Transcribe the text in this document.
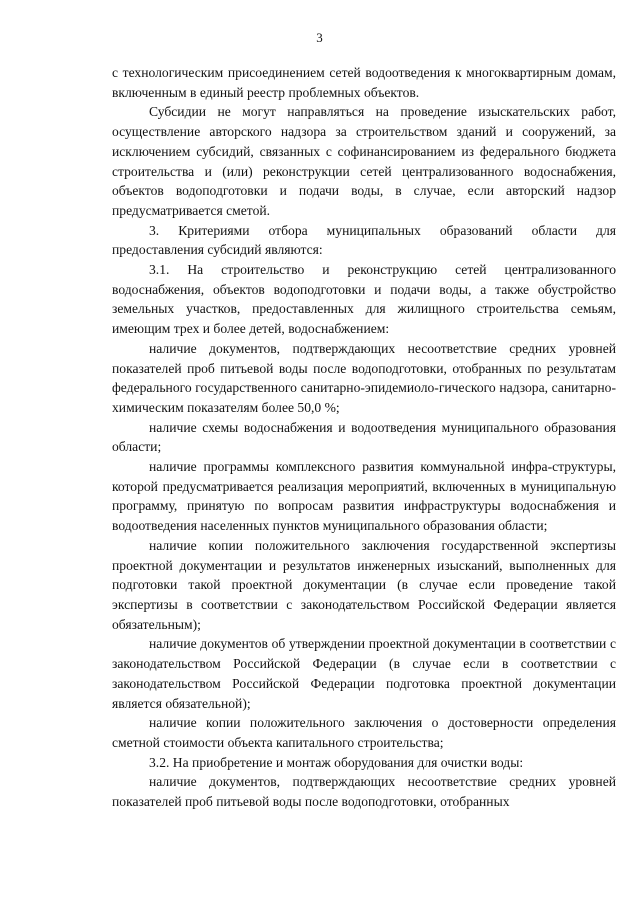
3

с технологическим присоединением сетей водоотведения к многоквартирным домам, включенным в единый реестр проблемных объектов.

Субсидии не могут направляться на проведение изыскательских работ, осуществление авторского надзора за строительством зданий и сооружений, за исключением субсидий, связанных с софинансированием из федерального бюджета строительства и (или) реконструкции сетей централизованного водоснабжения, объектов водоподготовки и подачи воды, в случае, если авторский надзор предусматривается сметой.

3. Критериями отбора муниципальных образований области для предоставления субсидий являются:

3.1. На строительство и реконструкцию сетей централизованного водоснабжения, объектов водоподготовки и подачи воды, а также обустройство земельных участков, предоставленных для жилищного строительства семьям, имеющим трех и более детей, водоснабжением:

наличие документов, подтверждающих несоответствие средних уровней показателей проб питьевой воды после водоподготовки, отобранных по результатам федерального государственного санитарно-эпидемиоло-гического надзора, санитарно-химическим показателям более 50,0 %;

наличие схемы водоснабжения и водоотведения муниципального образования области;

наличие программы комплексного развития коммунальной инфра-структуры, которой предусматривается реализация мероприятий, включенных в муниципальную программу, принятую по вопросам развития инфраструктуры водоснабжения и водоотведения населенных пунктов муниципального образования области;

наличие копии положительного заключения государственной экспертизы проектной документации и результатов инженерных изысканий, выполненных для подготовки такой проектной документации (в случае если проведение такой экспертизы в соответствии с законодательством Российской Федерации является обязательным);

наличие документов об утверждении проектной документации в соответствии с законодательством Российской Федерации (в случае если в соответствии с законодательством Российской Федерации подготовка проектной документации является обязательной);

наличие копии положительного заключения о достоверности определения сметной стоимости объекта капитального строительства;

3.2. На приобретение и монтаж оборудования для очистки воды:

наличие документов, подтверждающих несоответствие средних уровней показателей проб питьевой воды после водоподготовки, отобранных
